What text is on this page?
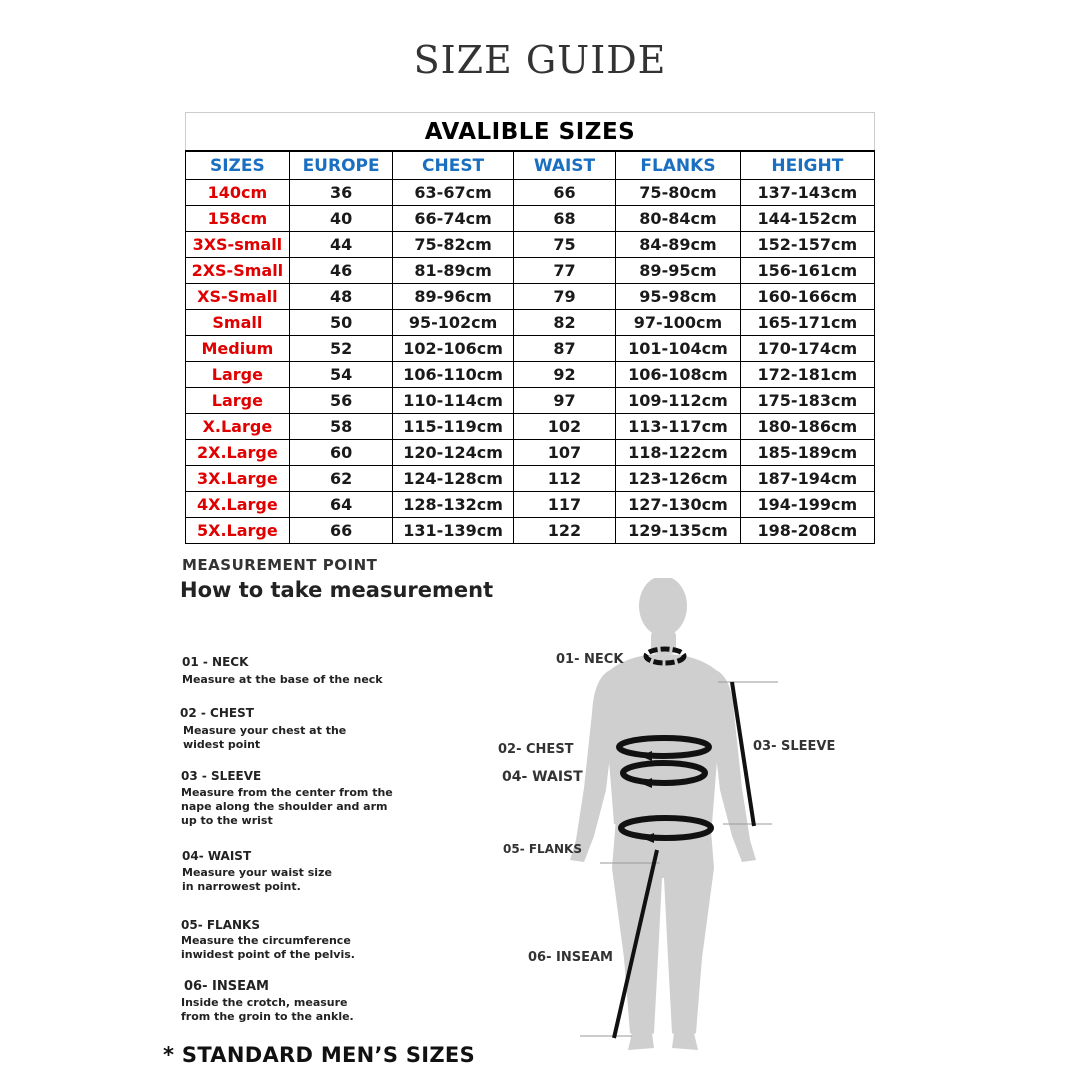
SIZE GUIDE
AVALIBLE SIZES					
SIZES	EUROPE	CHEST	WAIST	FLANKS	HEIGHT
140cm	36	63-67cm	66	75-80cm	137-143cm
158cm	40	66-74cm	68	80-84cm	144-152cm
3XS-small	44	75-82cm	75	84-89cm	152-157cm
2XS-Small	46	81-89cm	77	89-95cm	156-161cm
XS-Small	48	89-96cm	79	95-98cm	160-166cm
Small	50	95-102cm	82	97-100cm	165-171cm
Medium	52	102-106cm	87	101-104cm	170-174cm
Large	54	106-110cm	92	106-108cm	172-181cm
Large	56	110-114cm	97	109-112cm	175-183cm
X.Large	58	115-119cm	102	113-117cm	180-186cm
2X.Large	60	120-124cm	107	118-122cm	185-189cm
3X.Large	62	124-128cm	112	123-126cm	187-194cm
4X.Large	64	128-132cm	117	127-130cm	194-199cm
5X.Large	66	131-139cm	122	129-135cm	198-208cm
MEASUREMENT POINT
How to take measurement
01 - NECK
Measure at the base of the neck
02 - CHEST
Measure your chest at the
widest point
03 - SLEEVE
Measure from the center from the
nape along the shoulder and arm
up to the wrist
04- WAIST
Measure your waist size
in narrowest point.
05- FLANKS
Measure the circumference
inwidest point of the pelvis.
06- INSEAM
Inside the crotch, measure
from the groin to the ankle.
01- NECK
02- CHEST	03- SLEEVE
04- WAIST
05- FLANKS
06- INSEAM
* STANDARD MEN’S SIZES
